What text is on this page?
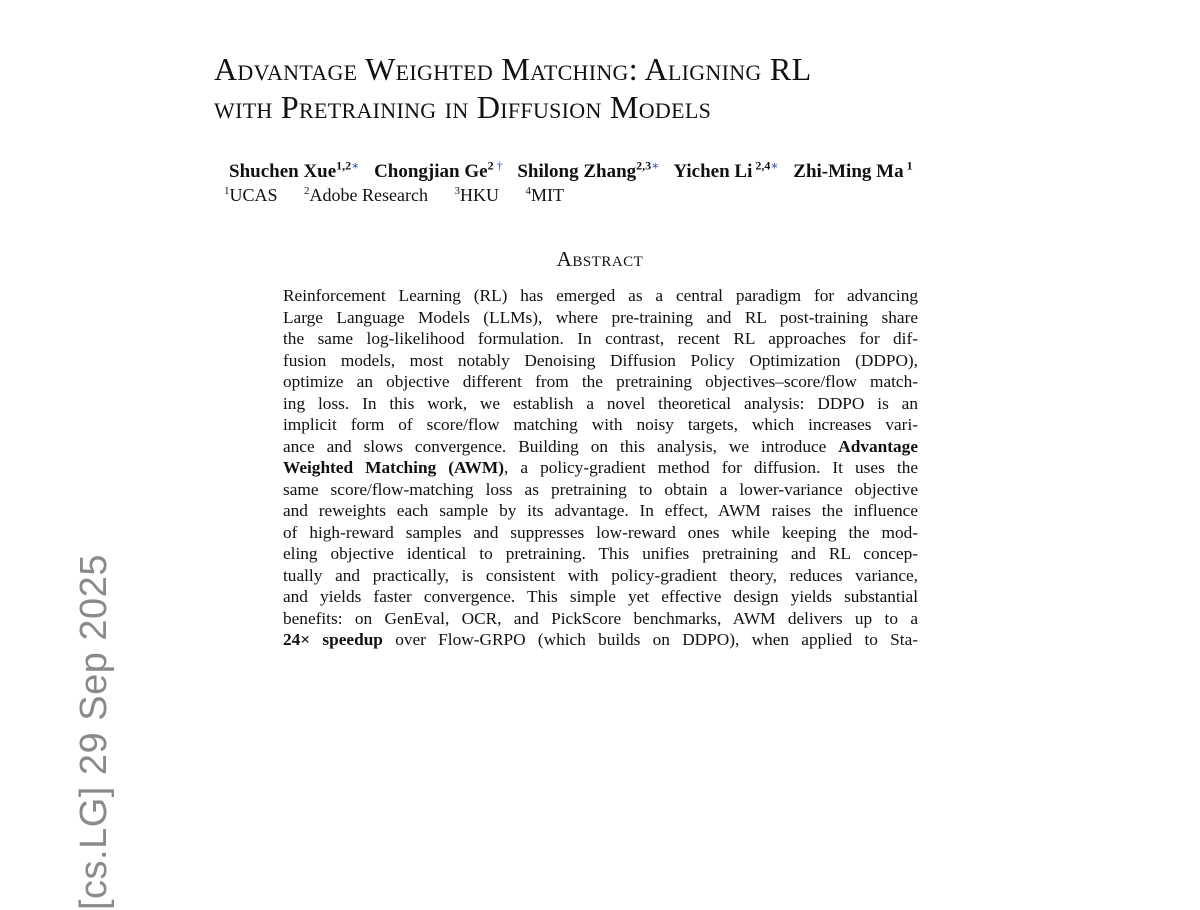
[cs.LG] 29 Sep 2025
Advantage Weighted Matching: Aligning RL
with Pretraining in Diffusion Models
Shuchen Xue$^{1,2∗}$ Chongjian Ge$^2$ † Shilong Zhang$^{2,3∗}$ Yichen Li $^{2,4∗}$ Zhi-Ming Ma $^1$
$^1$UCAS $^2$Adobe Research $^3$HKU $^4$MIT
Abstract
Reinforcement Learning (RL) has emerged as a central paradigm for advancing
Large Language Models (LLMs), where pre-training and RL post-training share
the same log-likelihood formulation. In contrast, recent RL approaches for dif-
fusion models, most notably Denoising Diffusion Policy Optimization (DDPO),
optimize an objective different from the pretraining objectives–score/flow match-
ing loss. In this work, we establish a novel theoretical analysis: DDPO is an
implicit form of score/flow matching with noisy targets, which increases vari-
ance and slows convergence. Building on this analysis, we introduce Advantage
Weighted Matching (AWM), a policy-gradient method for diffusion. It uses the
same score/flow-matching loss as pretraining to obtain a lower-variance objective
and reweights each sample by its advantage. In effect, AWM raises the influence
of high-reward samples and suppresses low-reward ones while keeping the mod-
eling objective identical to pretraining. This unifies pretraining and RL concep-
tually and practically, is consistent with policy-gradient theory, reduces variance,
and yields faster convergence. This simple yet effective design yields substantial
benefits: on GenEval, OCR, and PickScore benchmarks, AWM delivers up to a
24× speedup over Flow-GRPO (which builds on DDPO), when applied to Sta-
